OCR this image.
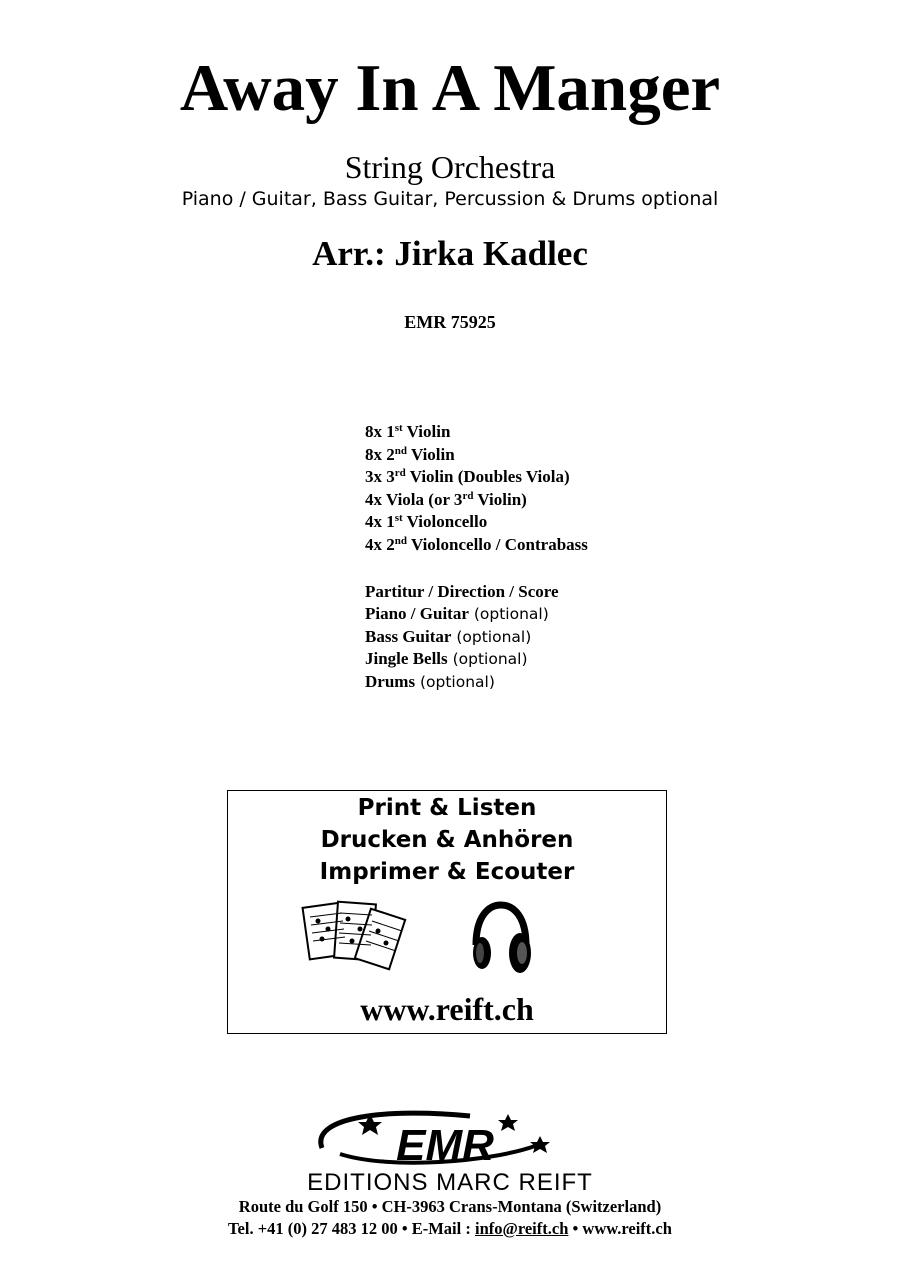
Away In A Manger
String Orchestra
Piano / Guitar, Bass Guitar, Percussion & Drums optional
Arr.: Jirka Kadlec
EMR 75925
8x 1st Violin
8x 2nd Violin
3x 3rd Violin (Doubles Viola)
4x Viola (or 3rd Violin)
4x 1st Violoncello
4x 2nd Violoncello / Contrabass
Partitur / Direction / Score
Piano / Guitar (optional)
Bass Guitar (optional)
Jingle Bells (optional)
Drums (optional)
Print & Listen
Drucken & Anhören
Imprimer & Ecouter
www.reift.ch
EMR
EDITIONS MARC REIFT
Route du Golf 150 • CH-3963 Crans-Montana (Switzerland)
Tel. +41 (0) 27 483 12 00 • E-Mail : info@reift.ch • www.reift.ch
